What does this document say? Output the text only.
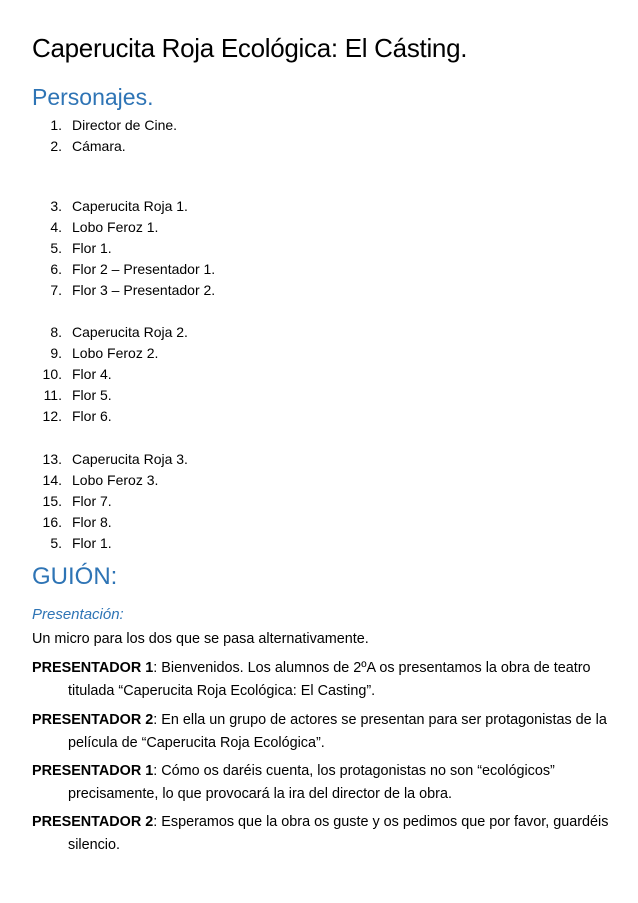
Caperucita Roja Ecológica: El Cásting.
Personajes.
1. Director de Cine.
2. Cámara.
3. Caperucita Roja 1.
4. Lobo Feroz 1.
5. Flor 1.
6. Flor 2 – Presentador 1.
7. Flor 3 – Presentador 2.
8. Caperucita Roja 2.
9. Lobo Feroz 2.
10. Flor 4.
11. Flor 5.
12. Flor 6.
13. Caperucita Roja 3.
14. Lobo Feroz 3.
15. Flor 7.
16. Flor 8.
5. Flor 1.
GUIÓN:
Presentación:
Un micro para los dos que se pasa alternativamente.
PRESENTADOR 1: Bienvenidos. Los alumnos de 2ºA os presentamos la obra de teatro
titulada “Caperucita Roja Ecológica: El Casting”.
PRESENTADOR 2: En ella un grupo de actores se presentan para ser protagonistas de la
película de “Caperucita Roja Ecológica”.
PRESENTADOR 1: Cómo os daréis cuenta, los protagonistas no son “ecológicos”
precisamente, lo que provocará la ira del director de la obra.
PRESENTADOR 2: Esperamos que la obra os guste y os pedimos que por favor, guardéis
silencio.
